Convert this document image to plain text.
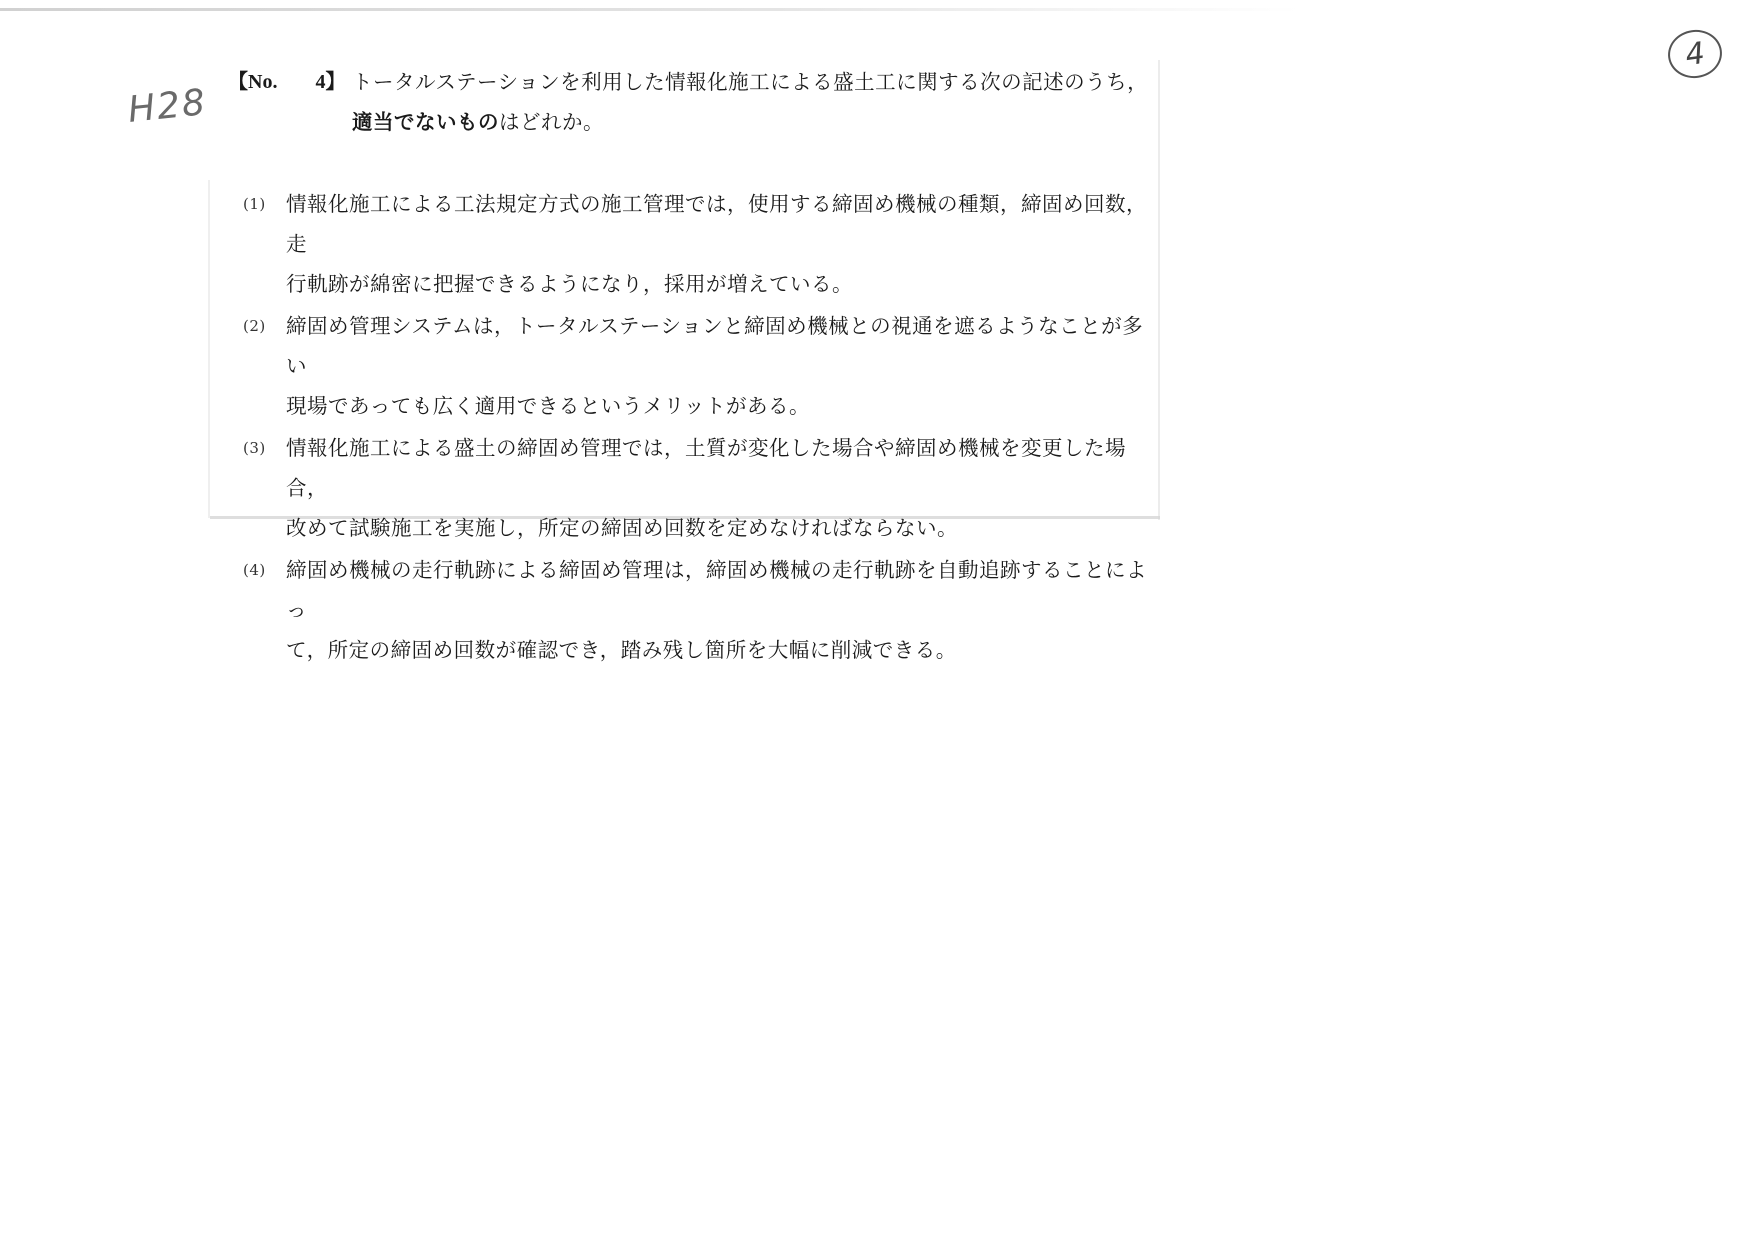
H28
4
【No. 4】 トータルステーションを利用した情報化施工による盛土工に関する次の記述のうち，
適当でないものはどれか。
(1) 情報化施工による工法規定方式の施工管理では，使用する締固め機械の種類，締固め回数，走
行軌跡が綿密に把握できるようになり，採用が増えている。
(2) 締固め管理システムは，トータルステーションと締固め機械との視通を遮るようなことが多い
現場であっても広く適用できるというメリットがある。
(3) 情報化施工による盛土の締固め管理では，土質が変化した場合や締固め機械を変更した場合，
改めて試験施工を実施し，所定の締固め回数を定めなければならない。
(4) 締固め機械の走行軌跡による締固め管理は，締固め機械の走行軌跡を自動追跡することによっ
て，所定の締固め回数が確認でき，踏み残し箇所を大幅に削減できる。
